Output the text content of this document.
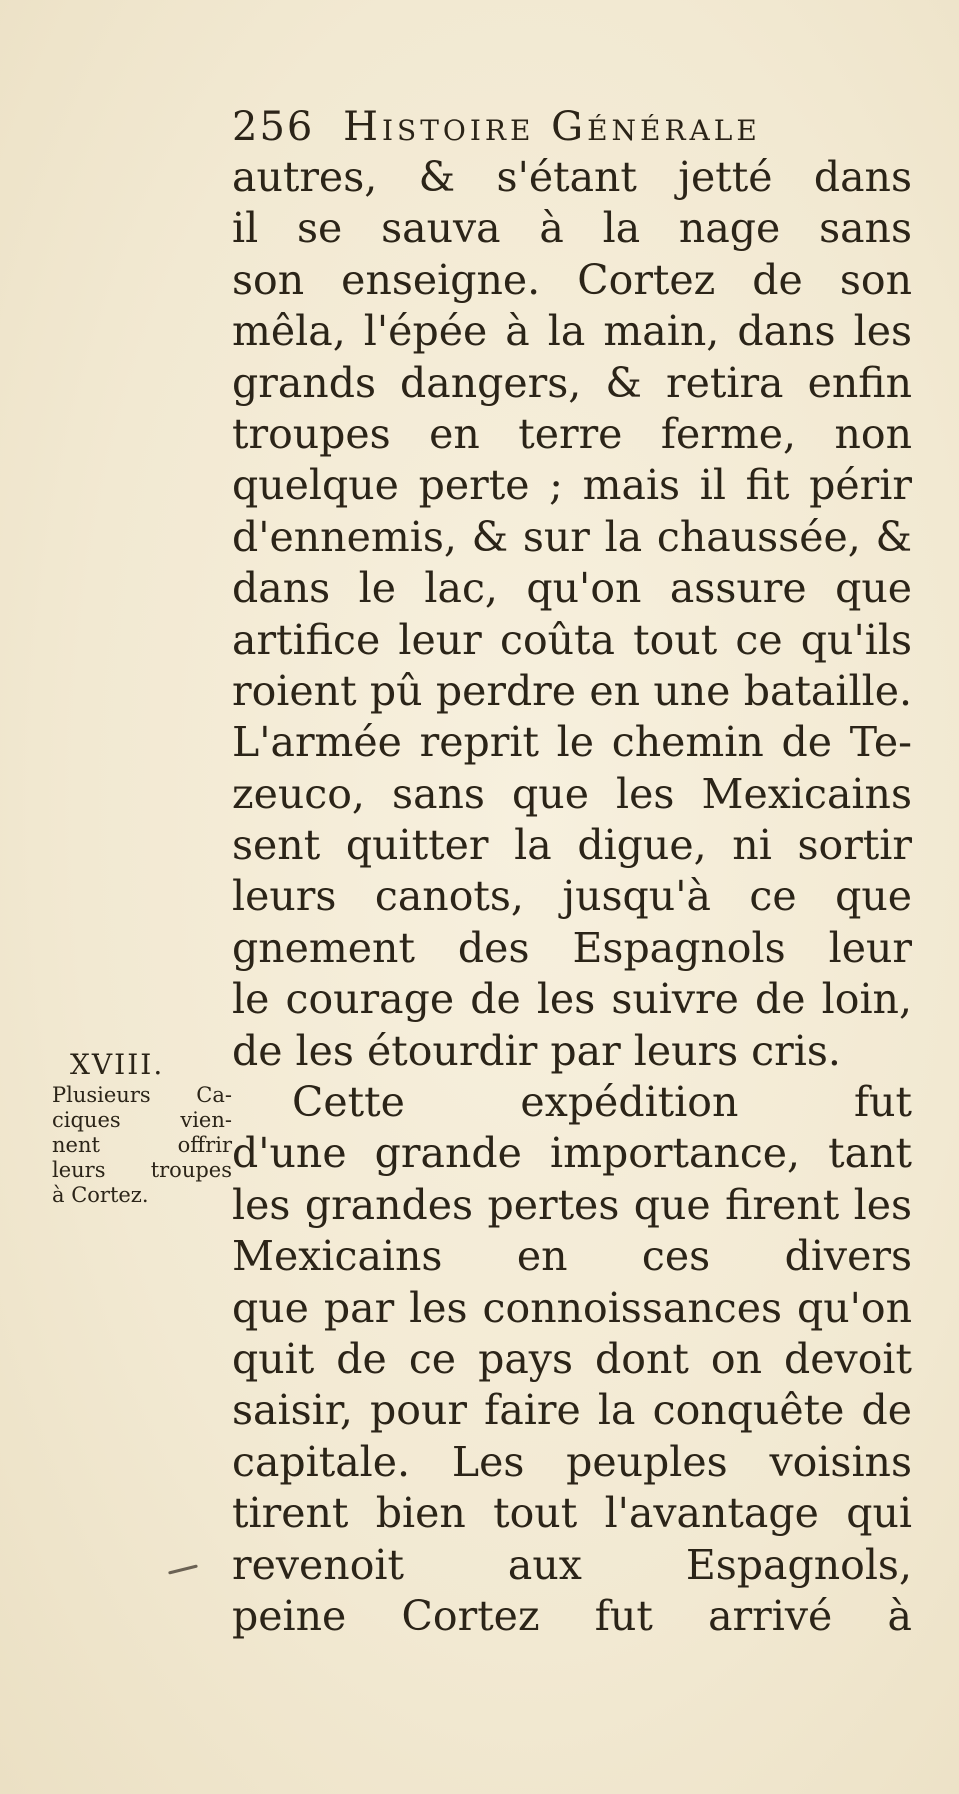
256 Histoire Générale
autres, & s'étant jetté dans
il se sauva à la nage sans
son enseigne. Cortez de son
mêla, l'épée à la main, dans les
grands dangers, & retira enfin
troupes en terre ferme, non
quelque perte ; mais il fit périr
d'ennemis, & sur la chaussée, &
dans le lac, qu'on assure que
artifice leur coûta tout ce qu'ils
roient pû perdre en une bataille.
L'armée reprit le chemin de Te-
zeuco, sans que les Mexicains
sent quitter la digue, ni sortir
leurs canots, jusqu'à ce que
gnement des Espagnols leur
le courage de les suivre de loin,
de les étourdir par leurs cris.
Cette expédition fut
d'une grande importance, tant
les grandes pertes que firent les
Mexicains en ces divers
que par les connoissances qu'on
quit de ce pays dont on devoit
saisir, pour faire la conquête de
capitale. Les peuples voisins
tirent bien tout l'avantage qui
revenoit aux Espagnols,
peine Cortez fut arrivé à
XVIII.
Plusieurs Ca-
ciques vien-
nent offrir
leurs troupes
à Cortez.
